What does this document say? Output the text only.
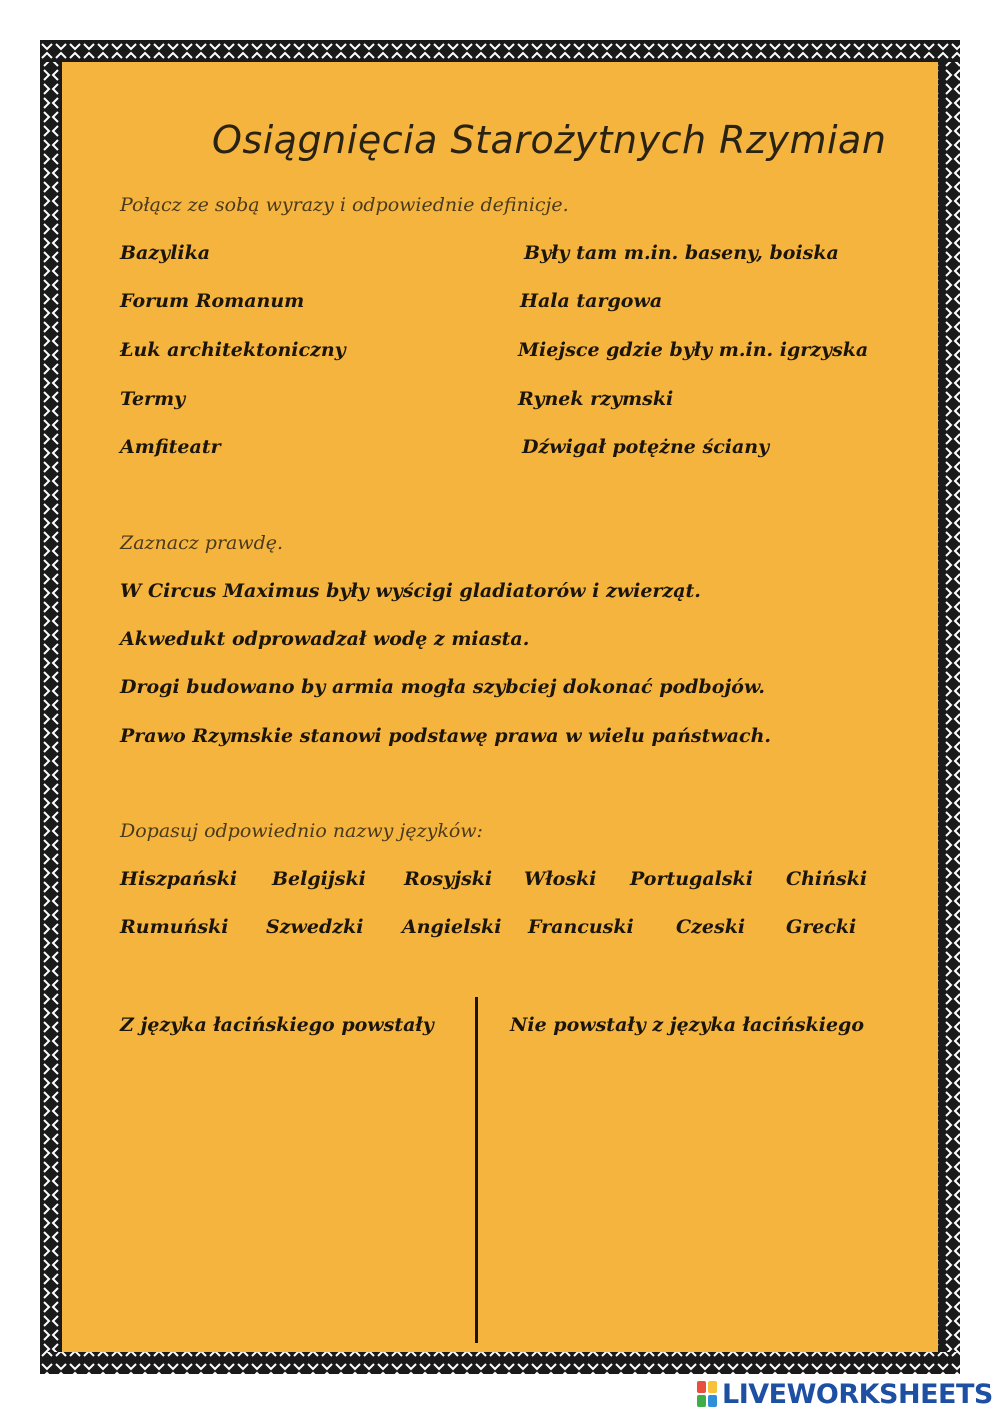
Osiągnięcia Starożytnych Rzymian
Połącz ze sobą wyrazy i odpowiednie definicje.
Bazylika
Forum Romanum
Łuk architektoniczny
Termy
Amfiteatr
Były tam m.in. baseny, boiska
Hala targowa
Miejsce gdzie były m.in. igrzyska
Rynek rzymski
Dźwigał potężne ściany
Zaznacz prawdę.
W Circus Maximus były wyścigi gladiatorów i zwierząt.
Akwedukt odprowadzał wodę z miasta.
Drogi budowano by armia mogła szybciej dokonać podbojów.
Prawo Rzymskie stanowi podstawę prawa w wielu państwach.
Dopasuj odpowiednio nazwy języków:
Hiszpański Belgijski Rosyjski Włoski Portugalski Chiński
Rumuński Szwedzki Angielski Francuski Czeski Grecki
Z języka łacińskiego powstały	Nie powstały z języka łacińskiego
LIVEWORKSHEETS
